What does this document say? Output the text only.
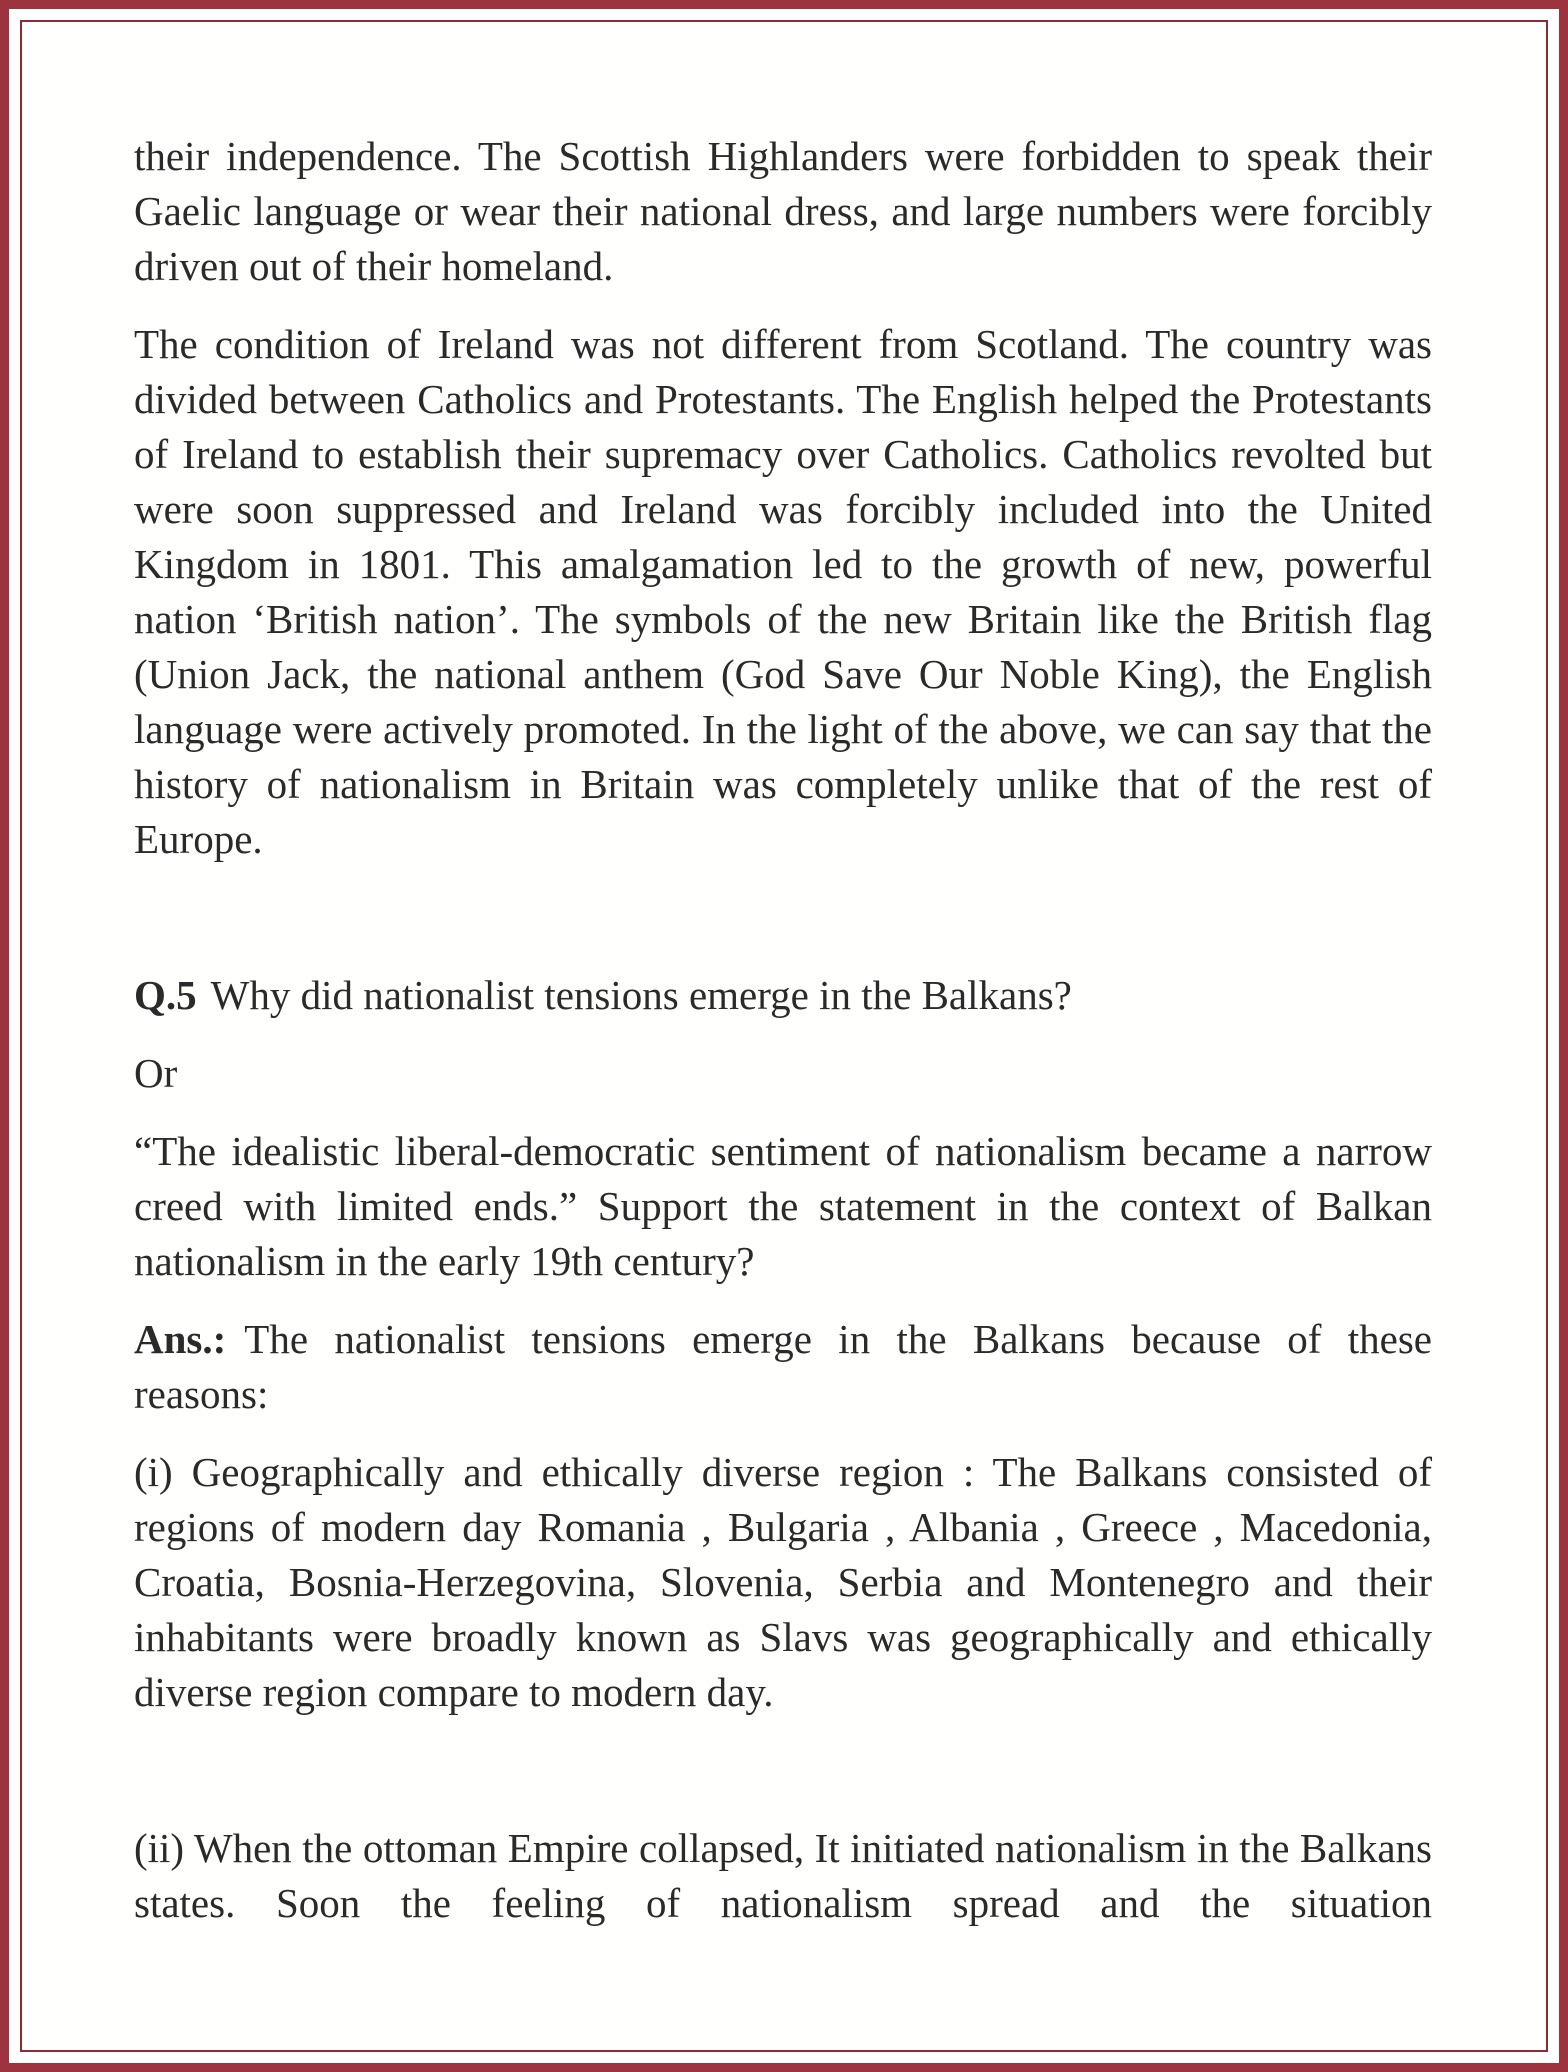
their independence. The Scottish Highlanders were forbidden to speak their Gaelic language or wear their national dress, and large numbers were forcibly driven out of their homeland.

The condition of Ireland was not different from Scotland. The country was divided between Catholics and Protestants. The English helped the Protestants of Ireland to establish their supremacy over Catholics. Catholics revolted but were soon suppressed and Ireland was forcibly included into the United Kingdom in 1801. This amalgamation led to the growth of new, powerful nation ‘British nation’. The symbols of the new Britain like the British flag (Union Jack, the national anthem (God Save Our Noble King), the English language were actively promoted. In the light of the above, we can say that the history of nationalism in Britain was completely unlike that of the rest of Europe.

Q.5 Why did nationalist tensions emerge in the Balkans?

Or

“The idealistic liberal-democratic sentiment of nationalism became a narrow creed with limited ends.” Support the statement in the context of Balkan nationalism in the early 19th century?

Ans.: The nationalist tensions emerge in the Balkans because of these reasons:

(i) Geographically and ethically diverse region : The Balkans consisted of regions of modern day Romania , Bulgaria , Albania , Greece , Macedonia, Croatia, Bosnia-Herzegovina, Slovenia, Serbia and Montenegro and their inhabitants were broadly known as Slavs was geographically and ethically diverse region compare to modern day.

(ii) When the ottoman Empire collapsed, It initiated nationalism in the Balkans states. Soon the feeling of nationalism spread and the situation
